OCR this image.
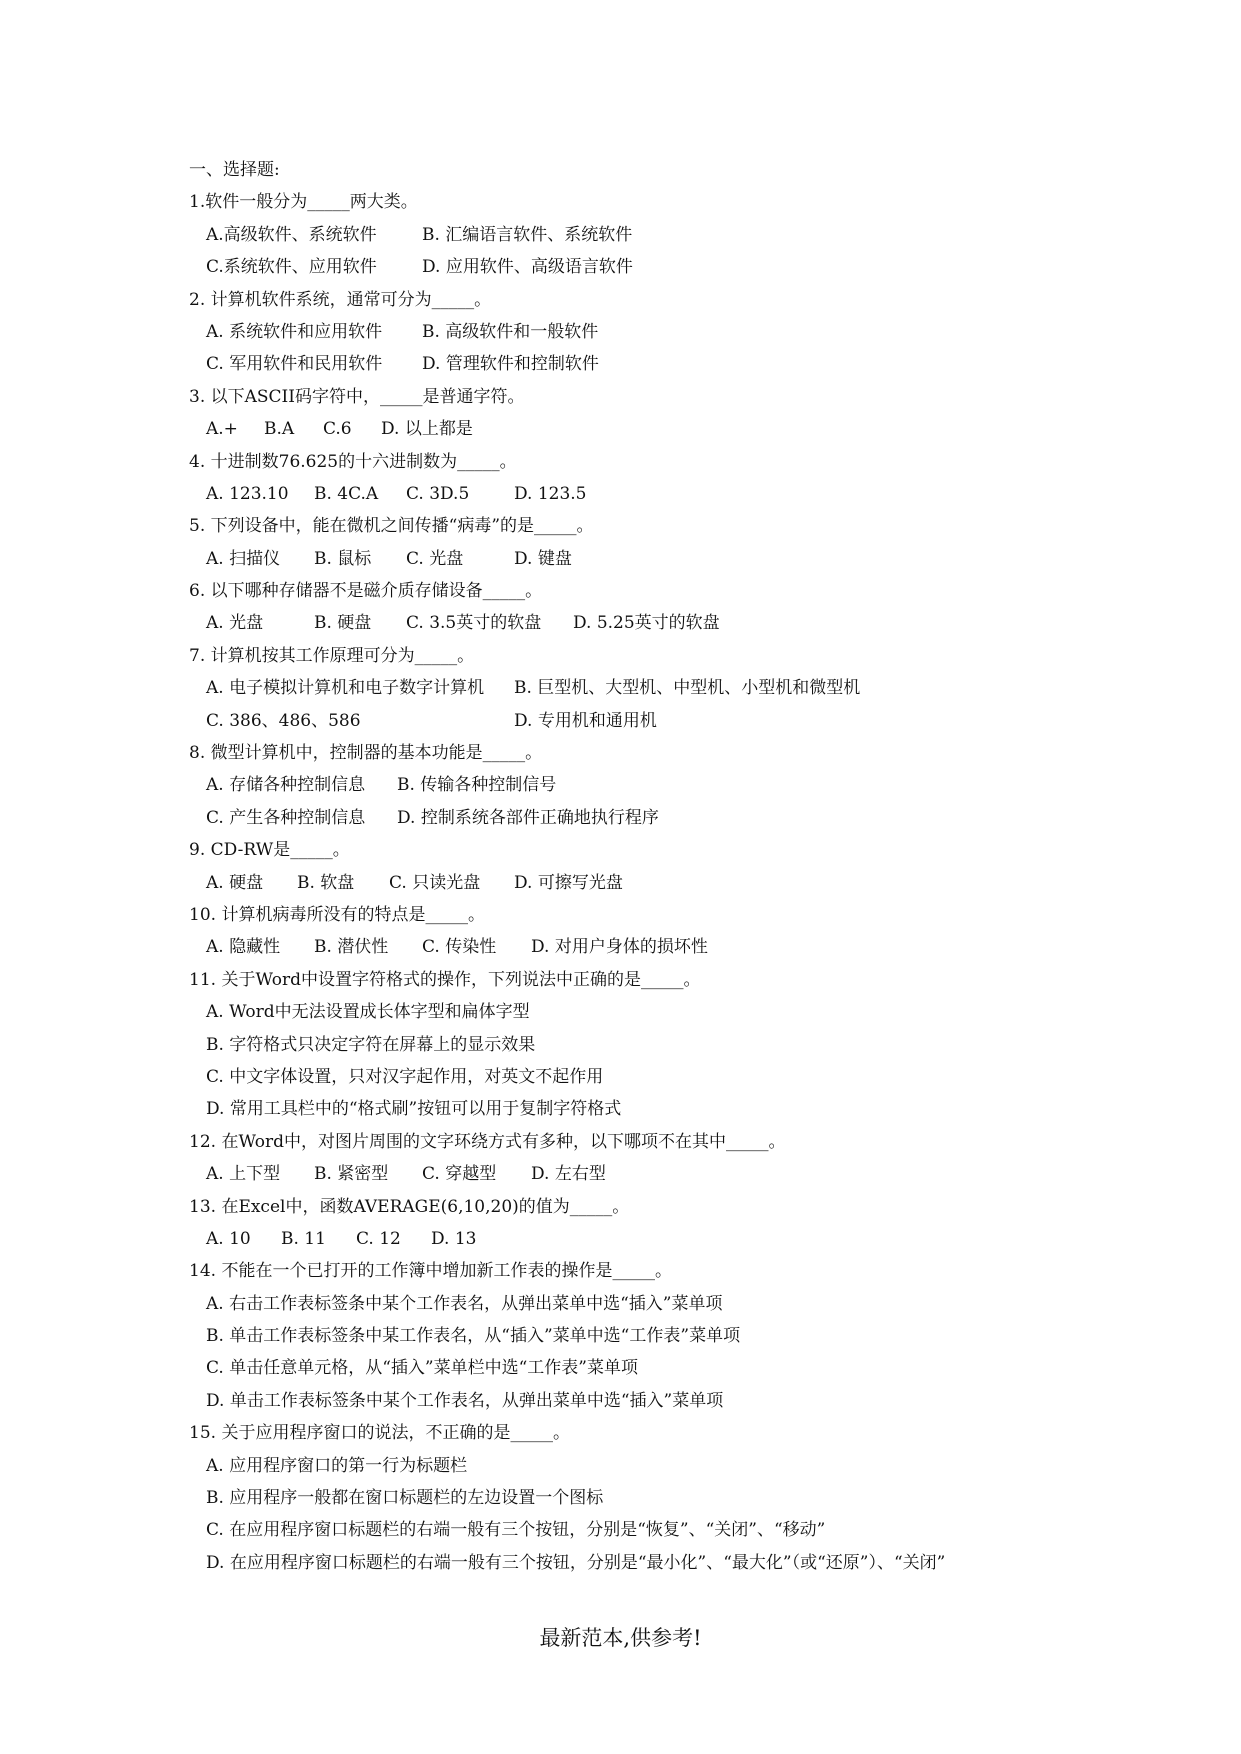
一、选择题:
1.软件一般分为_____两大类。
A.高级软件、系统软件	B. 汇编语言软件、系统软件
C.系统软件、应用软件	D. 应用软件、高级语言软件
2. 计算机软件系统，通常可分为_____。
A. 系统软件和应用软件 B. 高级软件和一般软件
C. 军用软件和民用软件 D. 管理软件和控制软件
3. 以下ASCII码字符中，_____是普通字符。
A.+ B.A C.6 D. 以上都是
4. 十进制数76.625的十六进制数为_____。
A. 123.10 B. 4C.A C. 3D.5	D. 123.5
5. 下列设备中，能在微机之间传播“病毒”的是_____。
A. 扫描仪 B. 鼠标 C. 光盘	D. 键盘
6. 以下哪种存储器不是磁介质存储设备_____。
A. 光盘	B. 硬盘 C. 3.5英寸的软盘 D. 5.25英寸的软盘
7. 计算机按其工作原理可分为_____。
A. 电子模拟计算机和电子数字计算机 B. 巨型机、大型机、中型机、小型机和微型机
C. 386、486、586	D. 专用机和通用机
8. 微型计算机中，控制器的基本功能是_____。
A. 存储各种控制信息 B. 传输各种控制信号
C. 产生各种控制信息 D. 控制系统各部件正确地执行程序
9. CD-RW是_____。
A. 硬盘 B. 软盘 C. 只读光盘 D. 可擦写光盘
10. 计算机病毒所没有的特点是_____。
A. 隐藏性 B. 潜伏性 C. 传染性 D. 对用户身体的损坏性
11. 关于Word中设置字符格式的操作，下列说法中正确的是_____。
A. Word中无法设置成长体字型和扁体字型
B. 字符格式只决定字符在屏幕上的显示效果
C. 中文字体设置，只对汉字起作用，对英文不起作用
D. 常用工具栏中的“格式刷”按钮可以用于复制字符格式
12. 在Word中，对图片周围的文字环绕方式有多种，以下哪项不在其中_____。
A. 上下型 B. 紧密型 C. 穿越型 D. 左右型
13. 在Excel中，函数AVERAGE(6,10,20)的值为_____。
A. 10 B. 11 C. 12 D. 13
14. 不能在一个已打开的工作簿中增加新工作表的操作是_____。
A. 右击工作表标签条中某个工作表名，从弹出菜单中选“插入”菜单项
B. 单击工作表标签条中某工作表名，从“插入”菜单中选“工作表”菜单项
C. 单击任意单元格，从“插入”菜单栏中选“工作表”菜单项
D. 单击工作表标签条中某个工作表名，从弹出菜单中选“插入”菜单项
15. 关于应用程序窗口的说法，不正确的是_____。
A. 应用程序窗口的第一行为标题栏
B. 应用程序一般都在窗口标题栏的左边设置一个图标
C. 在应用程序窗口标题栏的右端一般有三个按钮，分别是“恢复”、“关闭”、“移动”
D. 在应用程序窗口标题栏的右端一般有三个按钮，分别是“最小化”、“最大化”（或“还原”）、“关闭”
最新范本,供参考!
